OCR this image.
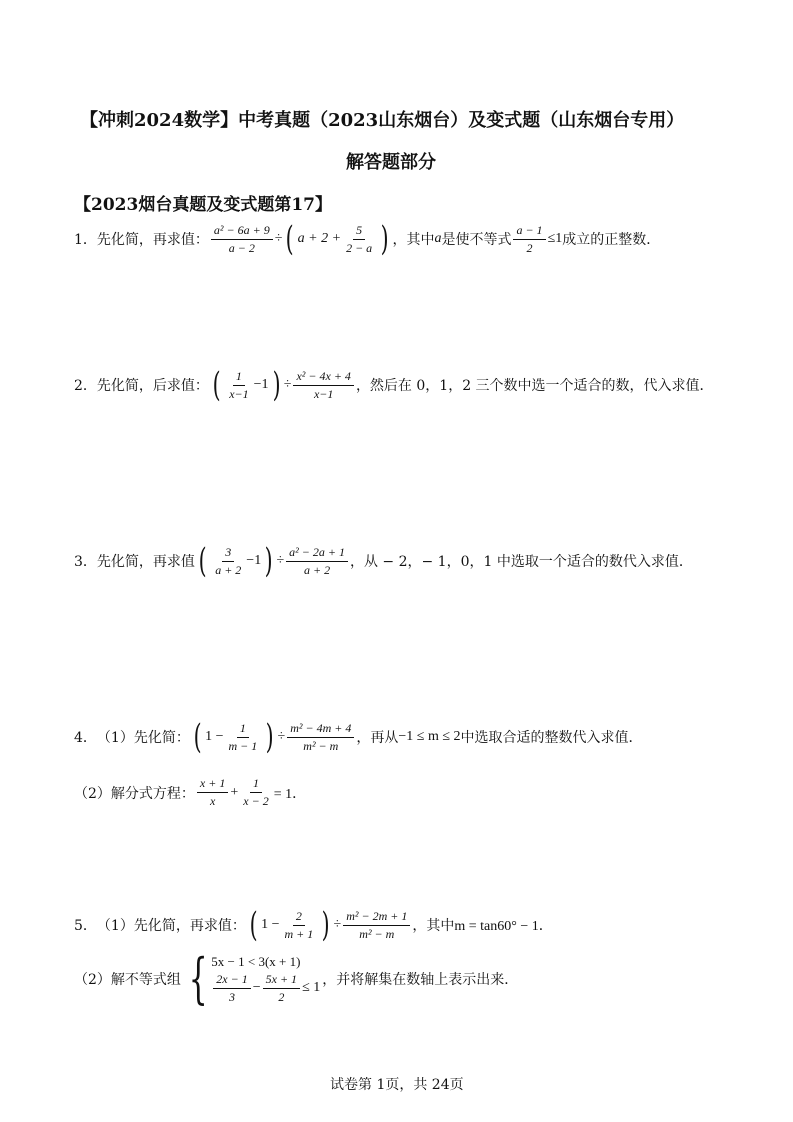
【冲刺2024数学】中考真题（2023山东烟台）及变式题（山东烟台专用）
解答题部分
【2023烟台真题及变式题第17】
1． 先化简，再求值： $\frac{\text{a² − 6a + 9}}{a - 2}$ ÷ ( $a + 2 + \frac{5}{2 - a}$ ) ，其中 a 是使不等式 $\frac{a - 1}{2} \le 1$ 成立的正整数．
2． 先化简，后求值： ( $\frac{1}{x-1} -1$ ) ÷ $\frac{\text{x² − 4x + 4}}{x-1}$ ，然后在 0，1，2 三个数中选一个适合的数，代入求值．
3． 先化简，再求值 ( $\frac{3}{a + 2} -1$ ) ÷ $\frac{\text{a² − 2a + 1}}{a + 2}$ ，从 − 2，− 1，0，1 中选取一个适合的数代入求值．
4． （1）先化简： ( $1 - \frac{1}{m - 1}$ ) ÷ $\frac{\text{m² − 4m + 4}}{\text{m² − m}}$ ，再从 −1 ≤ m ≤ 2 中选取合适的整数代入求值．
（2）解分式方程： $\frac{x + 1}{x} + \frac{1}{x - 2} = 1$．
5． （1）先化简，再求值： ( $1 - \frac{2}{m + 1}$ ) ÷ $\frac{\text{m² − 2m + 1}}{\text{m² − m}}$ ，其中 m = tan60° − 1．
（2）解不等式组 { 5x − 1 < 3(x + 1)
$\frac{2x - 1}{3} - \frac{5x + 1}{2} \le 1$ ，并将解集在数轴上表示出来．
试卷第 1页，共 24页
